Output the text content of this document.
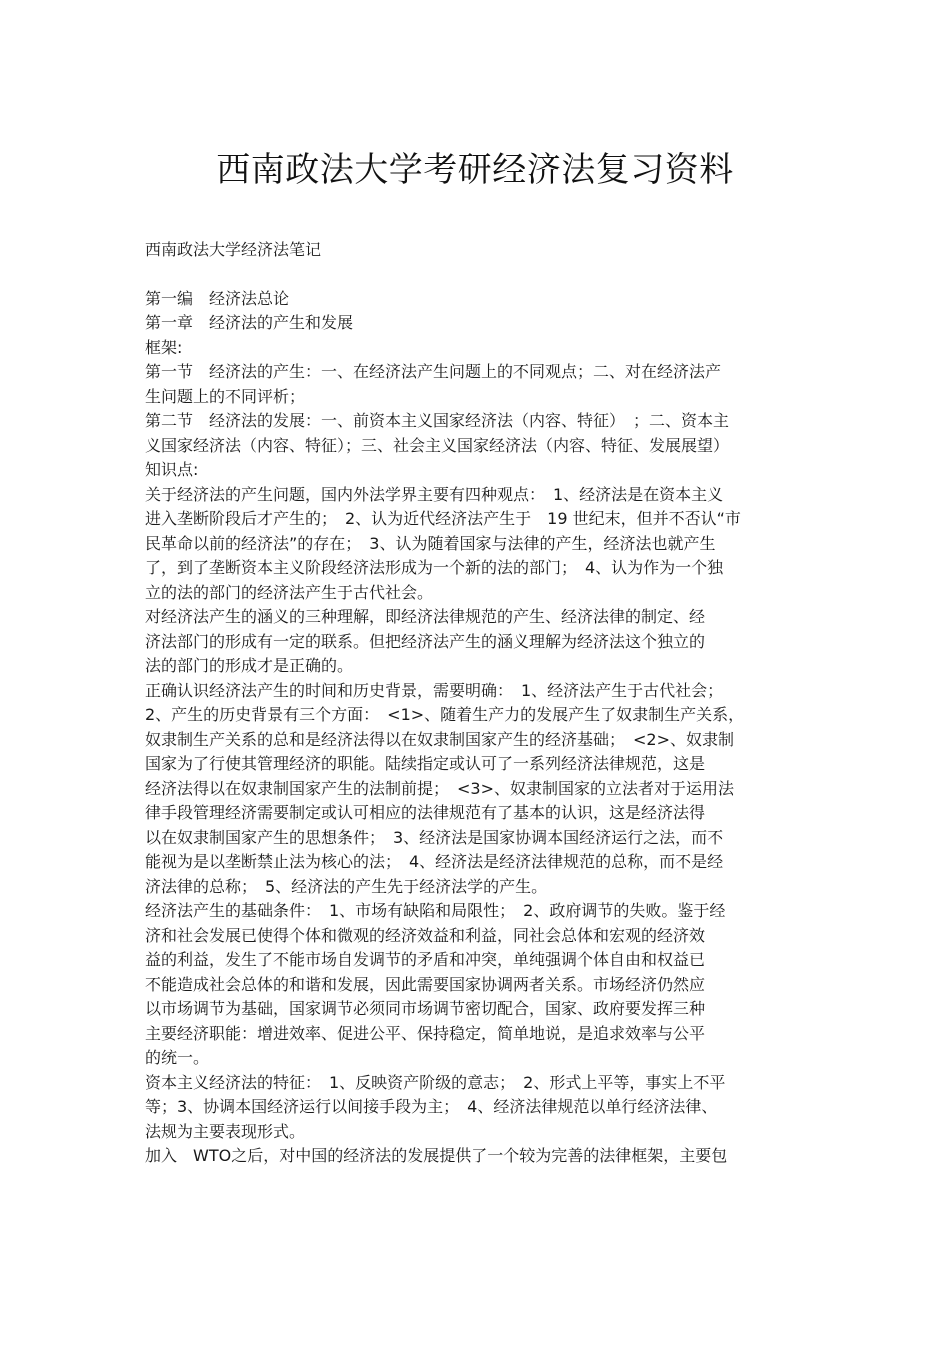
西南政法大学考研经济法复习资料
西南政法大学经济法笔记
第一编　经济法总论
第一章　经济法的产生和发展
框架:
第一节　经济法的产生：一、在经济法产生问题上的不同观点；二、对在经济法产
生问题上的不同评析；
第二节　经济法的发展：一、前资本主义国家经济法（内容、特征）　；二、资本主
义国家经济法（内容、特征）；三、社会主义国家经济法（内容、特征、发展展望）
知识点:
关于经济法的产生问题，国内外法学界主要有四种观点：　1、经济法是在资本主义
进入垄断阶段后才产生的；　2、认为近代经济法产生于　19 世纪末，但并不否认“市
民革命以前的经济法”的存在；　3、认为随着国家与法律的产生，经济法也就产生
了，到了垄断资本主义阶段经济法形成为一个新的法的部门；　4、认为作为一个独
立的法的部门的经济法产生于古代社会。
对经济法产生的涵义的三种理解，即经济法律规范的产生、经济法律的制定、经
济法部门的形成有一定的联系。但把经济法产生的涵义理解为经济法这个独立的
法的部门的形成才是正确的。
正确认识经济法产生的时间和历史背景，需要明确：　1、经济法产生于古代社会；
2、产生的历史背景有三个方面：　<1>、随着生产力的发展产生了奴隶制生产关系，
奴隶制生产关系的总和是经济法得以在奴隶制国家产生的经济基础；　<2>、奴隶制
国家为了行使其管理经济的职能。陆续指定或认可了一系列经济法律规范，这是
经济法得以在奴隶制国家产生的法制前提；　<3>、奴隶制国家的立法者对于运用法
律手段管理经济需要制定或认可相应的法律规范有了基本的认识，这是经济法得
以在奴隶制国家产生的思想条件；　3、经济法是国家协调本国经济运行之法，而不
能视为是以垄断禁止法为核心的法；　4、经济法是经济法律规范的总称，而不是经
济法律的总称；　5、经济法的产生先于经济法学的产生。
经济法产生的基础条件：　1、市场有缺陷和局限性；　2、政府调节的失败。鉴于经
济和社会发展已使得个体和微观的经济效益和利益，同社会总体和宏观的经济效
益的利益，发生了不能市场自发调节的矛盾和冲突，单纯强调个体自由和权益已
不能造成社会总体的和谐和发展，因此需要国家协调两者关系。市场经济仍然应
以市场调节为基础，国家调节必须同市场调节密切配合，国家、政府要发挥三种
主要经济职能：增进效率、促进公平、保持稳定，简单地说，是追求效率与公平
的统一。
资本主义经济法的特征：　1、反映资产阶级的意志；　2、形式上平等，事实上不平
等；3、协调本国经济运行以间接手段为主；　4、经济法律规范以单行经济法律、
法规为主要表现形式。
加入　WTO之后，对中国的经济法的发展提供了一个较为完善的法律框架，主要包
